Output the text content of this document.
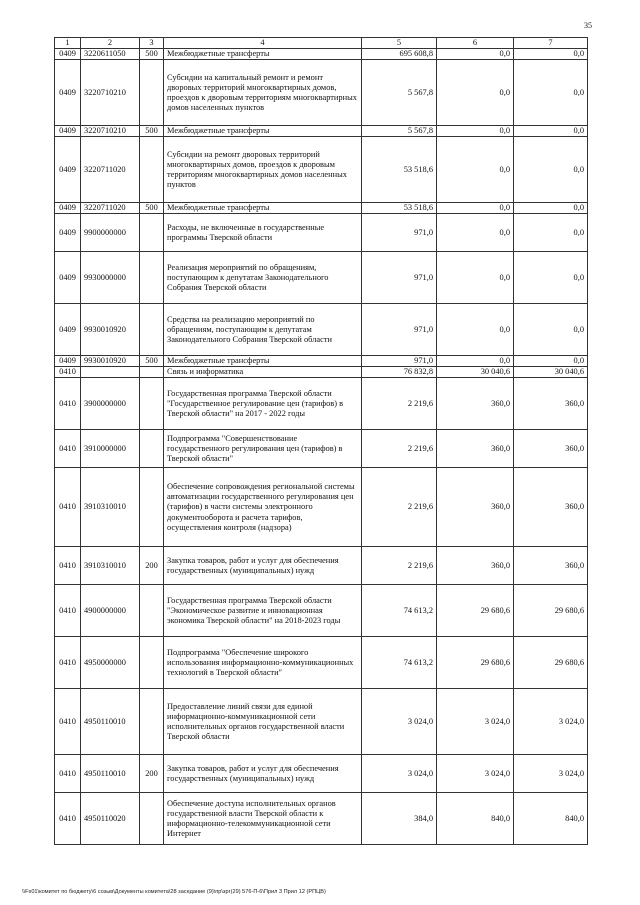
35
1	2	3	4	5	6	7
0409	3220611050	500	Межбюджетные трансферты	695 608,8	0,0	0,0
0409	3220710210		Субсидии на капитальный ремонт и ремонт дворовых территорий многоквартирных домов, проездов к дворовым территориям многоквартирных домов населенных пунктов	5 567,8	0,0	0,0
0409	3220710210	500	Межбюджетные трансферты	5 567,8	0,0	0,0
0409	3220711020		Субсидии на ремонт дворовых территорий многоквартирных домов, проездов к дворовым территориям многоквартирных домов населенных пунктов	53 518,6	0,0	0,0
0409	3220711020	500	Межбюджетные трансферты	53 518,6	0,0	0,0
0409	9900000000		Расходы, не включенные в государственные программы Тверской области	971,0	0,0	0,0
0409	9930000000		Реализация мероприятий по обращениям, поступающим к депутатам Законодательного Собрания Тверской области	971,0	0,0	0,0
0409	9930010920		Средства на реализацию мероприятий по обращениям, поступающим к депутатам Законодательного Собрания Тверской области	971,0	0,0	0,0
0409	9930010920	500	Межбюджетные трансферты	971,0	0,0	0,0
0410			Связь и информатика	76 832,8	30 040,6	30 040,6
0410	3900000000		Государственная программа Тверской области "Государственное регулирование цен (тарифов) в Тверской области" на 2017 - 2022 годы	2 219,6	360,0	360,0
0410	3910000000		Подпрограмма "Совершенствование государственного регулирования цен (тарифов) в Тверской области"	2 219,6	360,0	360,0
0410	3910310010		Обеспечение сопровождения региональной системы автоматизации государственного регулирования цен (тарифов) в части системы электронного документооборота и расчета тарифов, осуществления контроля (надзора)	2 219,6	360,0	360,0
0410	3910310010	200	Закупка товаров, работ и услуг для обеспечения государственных (муниципальных) нужд	2 219,6	360,0	360,0
0410	4900000000		Государственная программа Тверской области "Экономическое развитие и инновационная экономика Тверской области" на 2018-2023 годы	74 613,2	29 680,6	29 680,6
0410	4950000000		Подпрограмма "Обеспечение широкого использования информационно-коммуникационных технологий в Тверской области"	74 613,2	29 680,6	29 680,6
0410	4950110010		Предоставление линий связи для единой информационно-коммуникационной сети исполнительных органов государственной власти Тверской области	3 024,0	3 024,0	3 024,0
0410	4950110010	200	Закупка товаров, работ и услуг для обеспечения государственных (муниципальных) нужд	3 024,0	3 024,0	3 024,0
0410	4950110020		Обеспечение доступа исполнительных органов государственной власти Тверской области к информационно-телекоммуникационной сети Интернет	384,0	840,0	840,0
\\Fs01\комитет по бюджету\6 созыв\Документы комитета\28 заседание (9)\пр\зрг(29) 576-П-6\Прил 3 Прил 12 (РПЦВ)
